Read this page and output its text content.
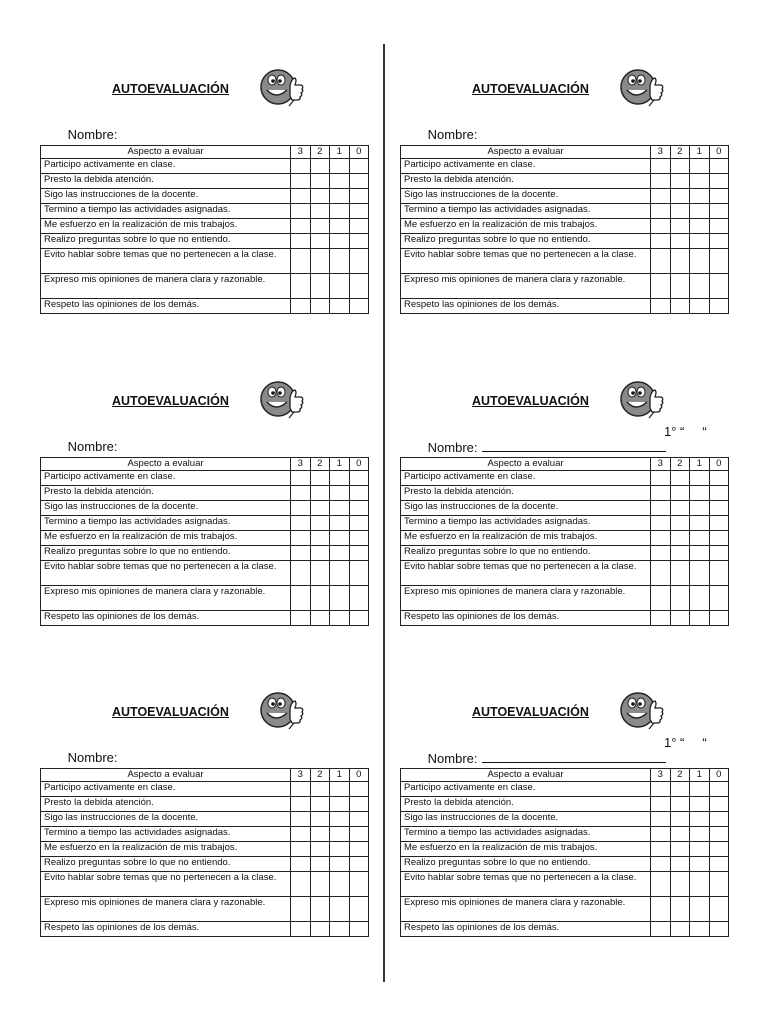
AUTOEVALUACIÓN

Nombre:

Aspecto a evaluar	3	2	1	0
Participo activamente en clase.				
Presto la debida atención.				
Sigo las instrucciones de la docente.				
Termino a tiempo las actividades asignadas.				
Me esfuerzo en la realización de mis trabajos.				
Realizo preguntas sobre lo que no entiendo.				
Evito hablar sobre temas que no pertenecen a la clase.				
Expreso mis opiniones de manera clara y razonable.				
Respeto las opiniones de los demás.				
AUTOEVALUACIÓN

Nombre:

Aspecto a evaluar	3	2	1	0
Participo activamente en clase.				
Presto la debida atención.				
Sigo las instrucciones de la docente.				
Termino a tiempo las actividades asignadas.				
Me esfuerzo en la realización de mis trabajos.				
Realizo preguntas sobre lo que no entiendo.				
Evito hablar sobre temas que no pertenecen a la clase.				
Expreso mis opiniones de manera clara y razonable.				
Respeto las opiniones de los demás.				
AUTOEVALUACIÓN

Nombre:

Aspecto a evaluar	3	2	1	0
Participo activamente en clase.				
Presto la debida atención.				
Sigo las instrucciones de la docente.				
Termino a tiempo las actividades asignadas.				
Me esfuerzo en la realización de mis trabajos.				
Realizo preguntas sobre lo que no entiendo.				
Evito hablar sobre temas que no pertenecen a la clase.				
Expreso mis opiniones de manera clara y razonable.				
Respeto las opiniones de los demás.				
AUTOEVALUACIÓN

Nombre:

1° “     “
Aspecto a evaluar	3	2	1	0
Participo activamente en clase.				
Presto la debida atención.				
Sigo las instrucciones de la docente.				
Termino a tiempo las actividades asignadas.				
Me esfuerzo en la realización de mis trabajos.				
Realizo preguntas sobre lo que no entiendo.				
Evito hablar sobre temas que no pertenecen a la clase.				
Expreso mis opiniones de manera clara y razonable.				
Respeto las opiniones de los demás.				
AUTOEVALUACIÓN

Nombre:

Aspecto a evaluar	3	2	1	0
Participo activamente en clase.				
Presto la debida atención.				
Sigo las instrucciones de la docente.				
Termino a tiempo las actividades asignadas.				
Me esfuerzo en la realización de mis trabajos.				
Realizo preguntas sobre lo que no entiendo.				
Evito hablar sobre temas que no pertenecen a la clase.				
Expreso mis opiniones de manera clara y razonable.				
Respeto las opiniones de los demás.				
AUTOEVALUACIÓN

Nombre:

1° “     “
Aspecto a evaluar	3	2	1	0
Participo activamente en clase.				
Presto la debida atención.				
Sigo las instrucciones de la docente.				
Termino a tiempo las actividades asignadas.				
Me esfuerzo en la realización de mis trabajos.				
Realizo preguntas sobre lo que no entiendo.				
Evito hablar sobre temas que no pertenecen a la clase.				
Expreso mis opiniones de manera clara y razonable.				
Respeto las opiniones de los demás.				
